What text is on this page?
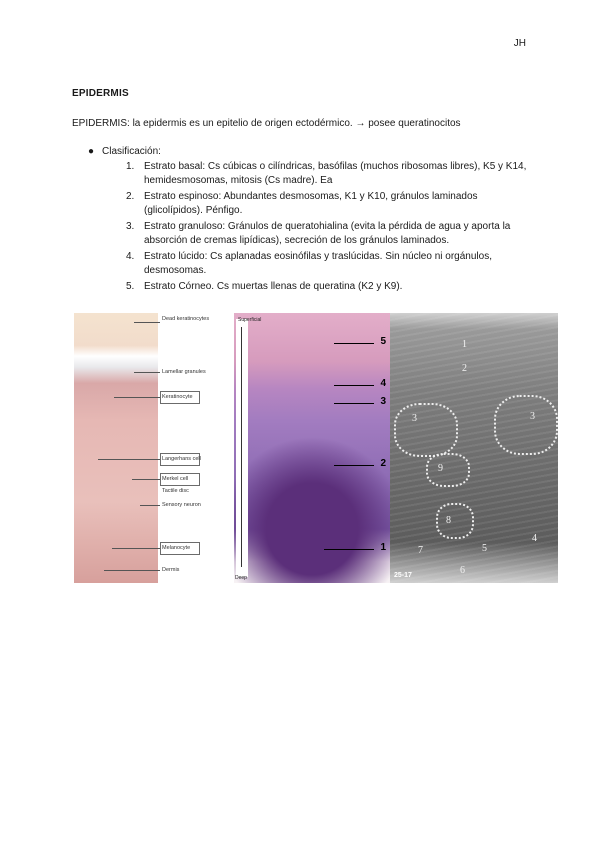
JH
EPIDERMIS
EPIDERMIS: la epidermis es un epitelio de origen ectodérmico. → posee queratinocitos
● Clasificación:
1. Estrato basal: Cs cúbicas o cilíndricas, basófilas (muchos ribosomas libres), K5 y K14, hemidesmosomas, mitosis (Cs madre). Ea
2. Estrato espinoso: Abundantes desmosomas, K1 y K10, gránulos laminados (glicolípidos). Pénfigo.
3. Estrato granuloso: Gránulos de queratohialina (evita la pérdida de agua y aporta la absorción de cremas lipídicas), secreción de los gránulos laminados.
4. Estrato lúcido: Cs aplanadas eosinófilas y traslúcidas. Sin núcleo ni orgánulos, desmosomas.
5. Estrato Córneo. Cs muertas llenas de queratina (K2 y K9).
Dead keratinocytes
Lamellar granules
Keratinocyte
Langerhans cell
Merkel cell
Tactile disc
Sensory neuron
Melanocyte
Dermis
Superficial
Deep
5
4
3
2
1
1
2
3	3
9
8
7	5
4
6
25-17
